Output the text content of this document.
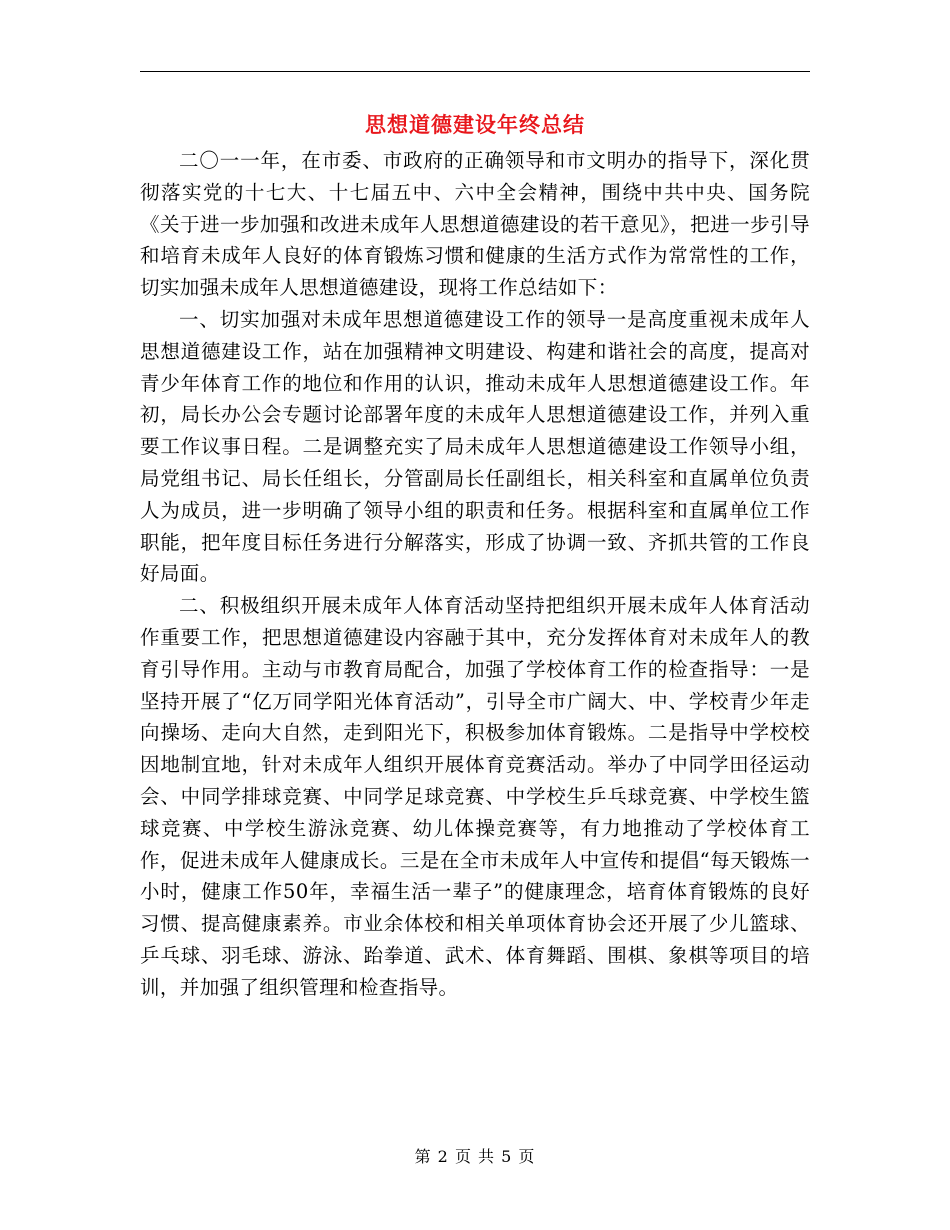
思想道德建设年终总结

二〇一一年，在市委、市政府的正确领导和市文明办的指导下，深化贯彻落实党的十七大、十七届五中、六中全会精神，围绕中共中央、国务院《关于进一步加强和改进未成年人思想道德建设的若干意见》，把进一步引导和培育未成年人良好的体育锻炼习惯和健康的生活方式作为常常性的工作，切实加强未成年人思想道德建设，现将工作总结如下：

一、切实加强对未成年思想道德建设工作的领导一是高度重视未成年人思想道德建设工作，站在加强精神文明建设、构建和谐社会的高度，提高对青少年体育工作的地位和作用的认识，推动未成年人思想道德建设工作。年初，局长办公会专题讨论部署年度的未成年人思想道德建设工作，并列入重要工作议事日程。二是调整充实了局未成年人思想道德建设工作领导小组，局党组书记、局长任组长，分管副局长任副组长，相关科室和直属单位负责人为成员，进一步明确了领导小组的职责和任务。根据科室和直属单位工作职能，把年度目标任务进行分解落实，形成了协调一致、齐抓共管的工作良好局面。

二、积极组织开展未成年人体育活动坚持把组织开展未成年人体育活动作重要工作，把思想道德建设内容融于其中，充分发挥体育对未成年人的教育引导作用。主动与市教育局配合，加强了学校体育工作的检查指导：一是坚持开展了“亿万同学阳光体育活动”，引导全市广阔大、中、学校青少年走向操场、走向大自然，走到阳光下，积极参加体育锻炼。二是指导中学校校因地制宜地，针对未成年人组织开展体育竞赛活动。举办了中同学田径运动会、中同学排球竞赛、中同学足球竞赛、中学校生乒乓球竞赛、中学校生篮球竞赛、中学校生游泳竞赛、幼儿体操竞赛等，有力地推动了学校体育工作，促进未成年人健康成长。三是在全市未成年人中宣传和提倡“每天锻炼一小时，健康工作50年，幸福生活一辈子”的健康理念，培育体育锻炼的良好习惯、提高健康素养。市业余体校和相关单项体育协会还开展了少儿篮球、乒乓球、羽毛球、游泳、跆拳道、武术、体育舞蹈、围棋、象棋等项目的培训，并加强了组织管理和检查指导。

第 2 页 共 5 页
